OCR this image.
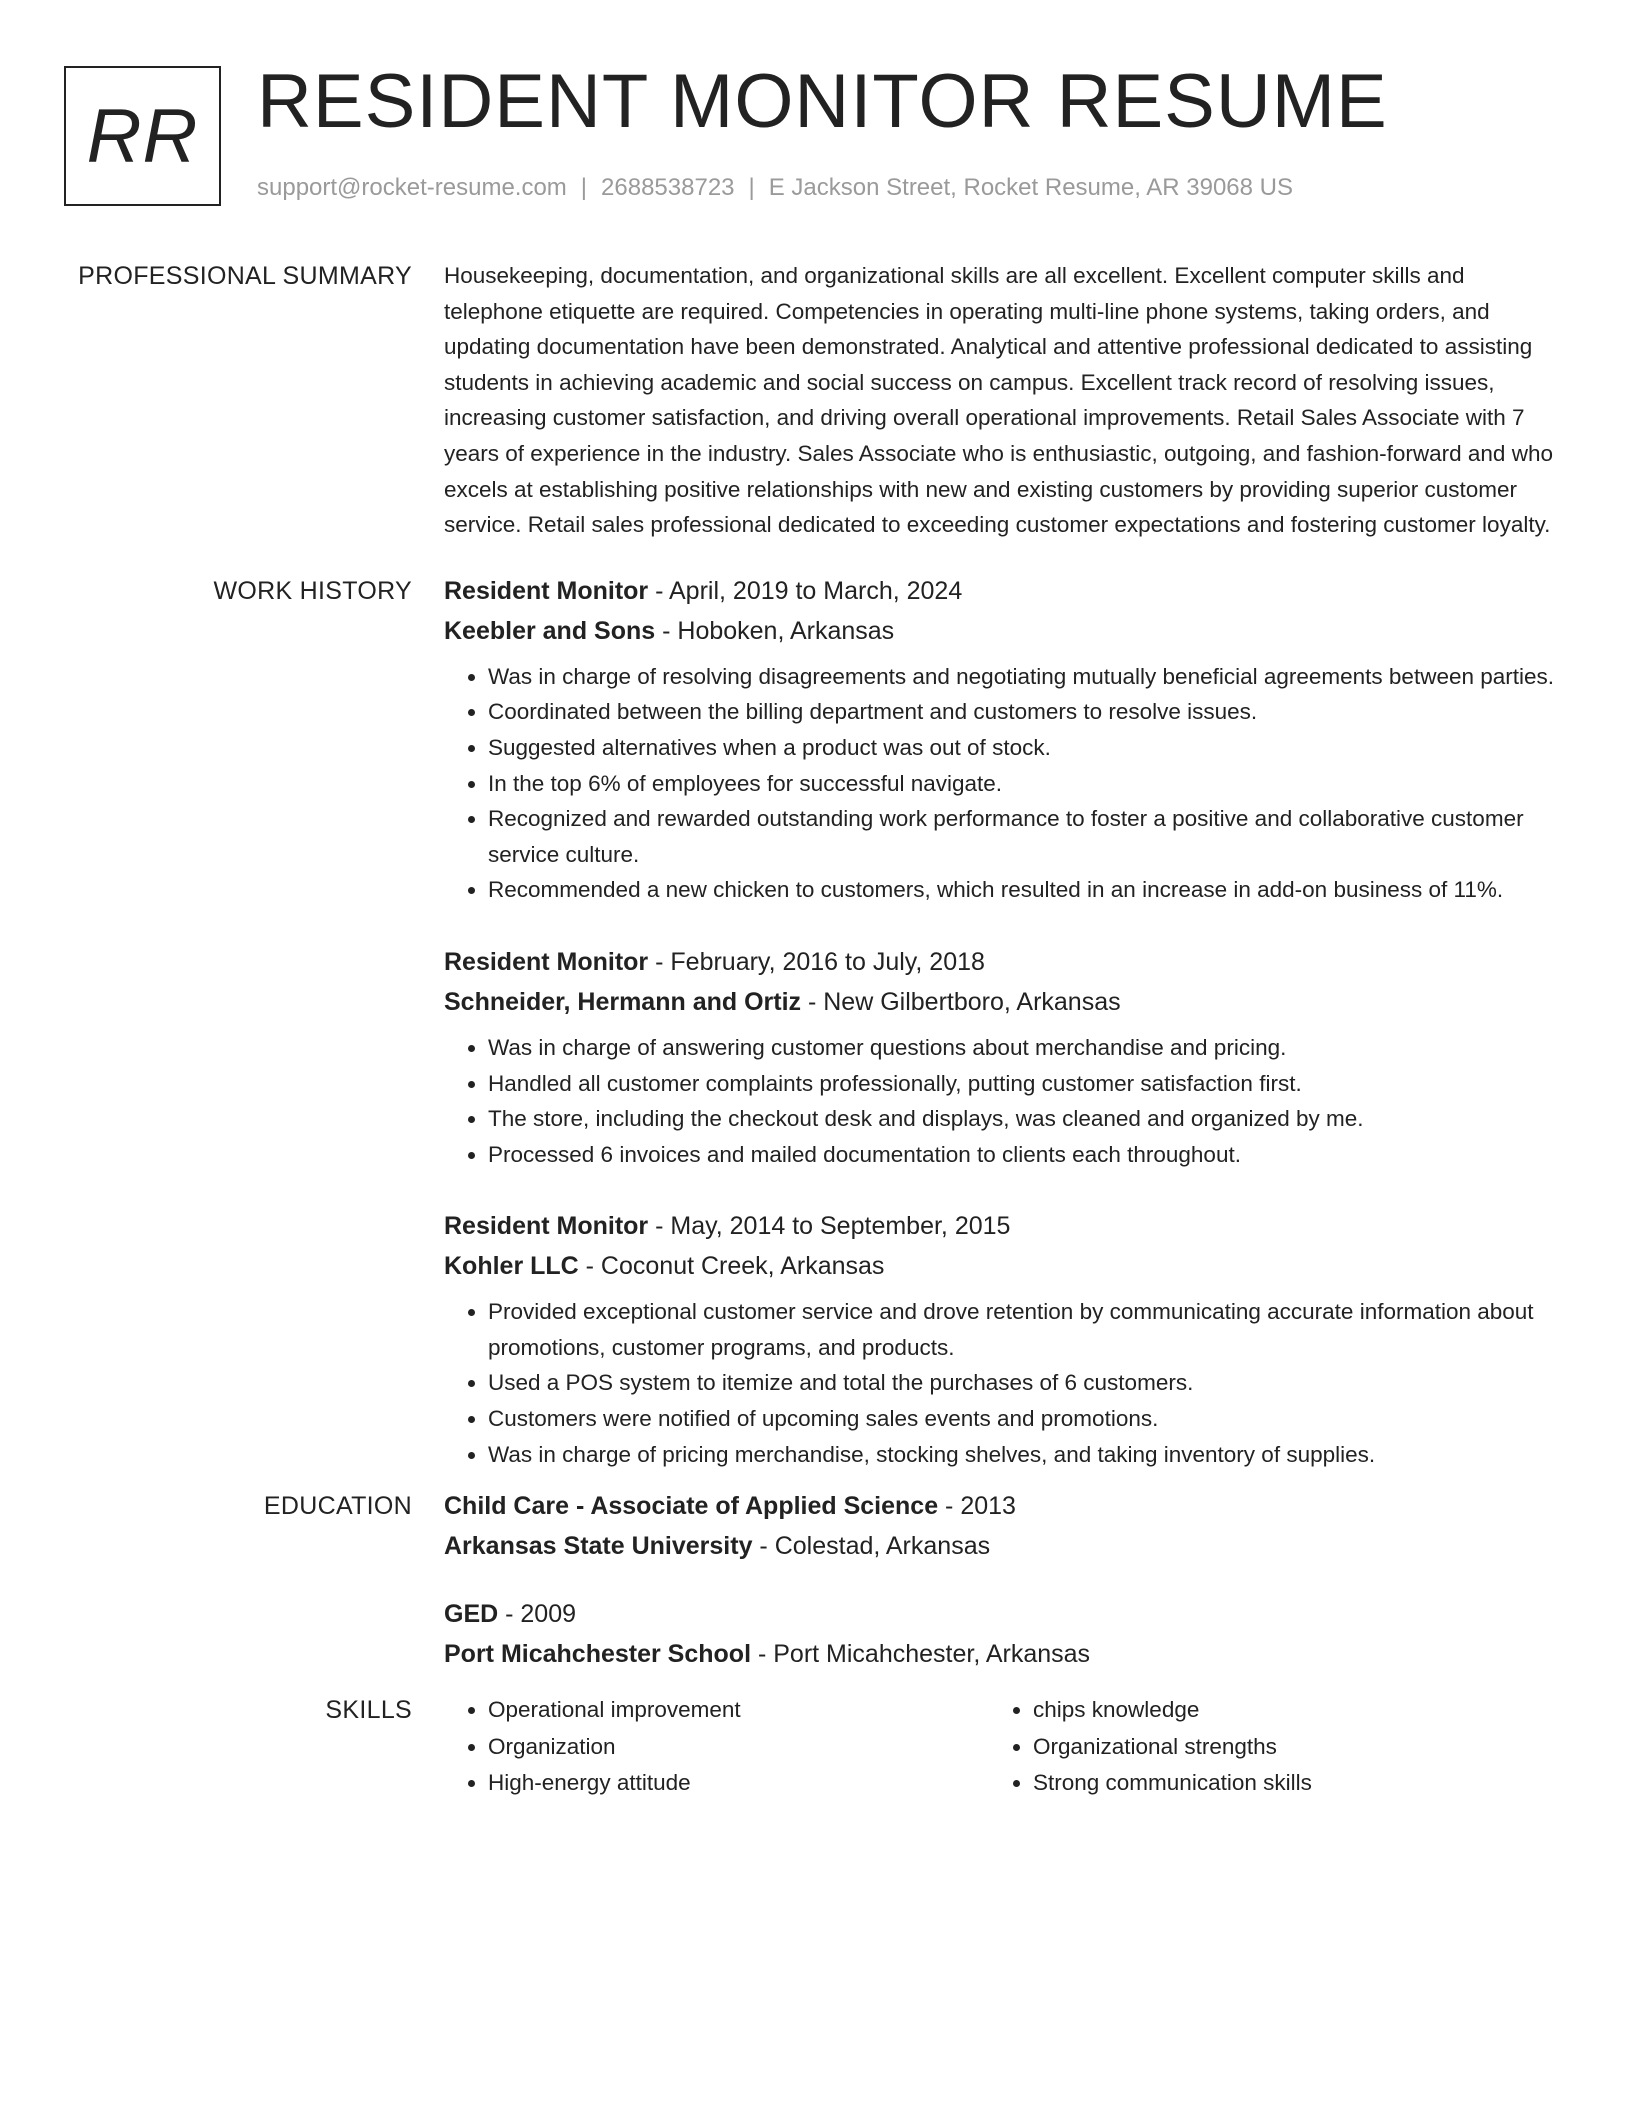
RR RESIDENT MONITOR RESUME
support@rocket-resume.com | 2688538723 | E Jackson Street, Rocket Resume, AR 39068 US
PROFESSIONAL SUMMARY Housekeeping, documentation, and organizational skills are all excellent. Excellent computer skills and telephone etiquette are required. Competencies in operating multi-line phone systems, taking orders, and updating documentation have been demonstrated. Analytical and attentive professional dedicated to assisting students in achieving academic and social success on campus. Excellent track record of resolving issues, increasing customer satisfaction, and driving overall operational improvements. Retail Sales Associate with 7 years of experience in the industry. Sales Associate who is enthusiastic, outgoing, and fashion-forward and who excels at establishing positive relationships with new and existing customers by providing superior customer service. Retail sales professional dedicated to exceeding customer expectations and fostering customer loyalty.

WORK HISTORY Resident Monitor - April, 2019 to March, 2024

Keebler and Sons - Hoboken, Arkansas

• Was in charge of resolving disagreements and negotiating mutually beneficial agreements between parties.
• Coordinated between the billing department and customers to resolve issues.
• Suggested alternatives when a product was out of stock.
• In the top 6% of employees for successful navigate.
• Recognized and rewarded outstanding work performance to foster a positive and collaborative customer service culture.
• Recommended a new chicken to customers, which resulted in an increase in add-on business of 11%.

Resident Monitor - February, 2016 to July, 2018

Schneider, Hermann and Ortiz - New Gilbertboro, Arkansas

• Was in charge of answering customer questions about merchandise and pricing.
• Handled all customer complaints professionally, putting customer satisfaction first.
• The store, including the checkout desk and displays, was cleaned and organized by me.
• Processed 6 invoices and mailed documentation to clients each throughout.

Resident Monitor - May, 2014 to September, 2015

Kohler LLC - Coconut Creek, Arkansas

• Provided exceptional customer service and drove retention by communicating accurate information about promotions, customer programs, and products.
• Used a POS system to itemize and total the purchases of 6 customers.
• Customers were notified of upcoming sales events and promotions.
• Was in charge of pricing merchandise, stocking shelves, and taking inventory of supplies.
EDUCATION Child Care - Associate of Applied Science - 2013

Arkansas State University - Colestad, Arkansas

GED - 2009

Port Micahchester School - Port Micahchester, Arkansas

SKILLS	• Operational improvement	• chips knowledge
• Organization	• Organizational strengths
• High-energy attitude	• Strong communication skills
